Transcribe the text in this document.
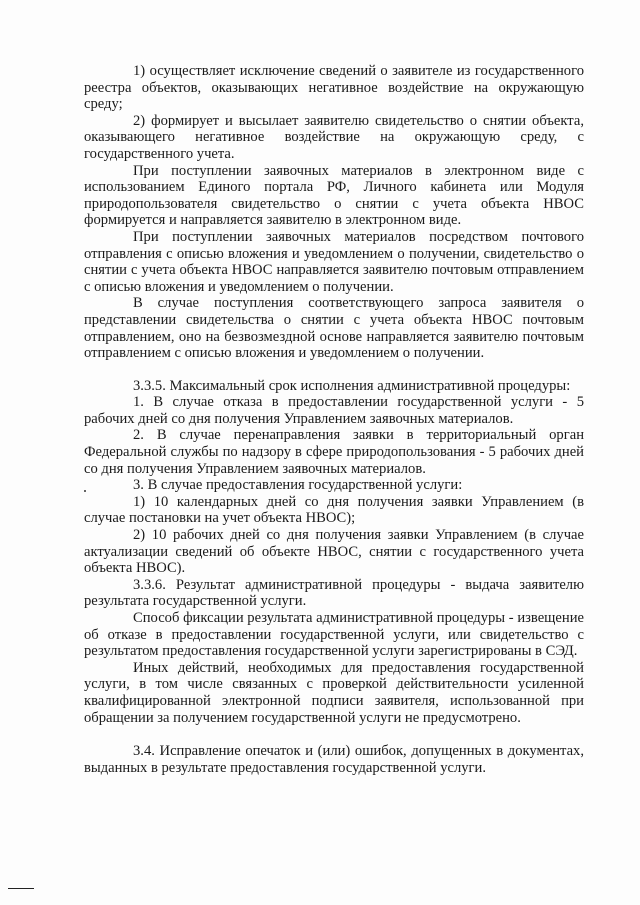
1) осуществляет исключение сведений о заявителе из государственного реестра объектов, оказывающих негативное воздействие на окружающую среду;

2) формирует и высылает заявителю свидетельство о снятии объекта, оказывающего негативное воздействие на окружающую среду, с государственного учета.

При поступлении заявочных материалов в электронном виде с использованием Единого портала РФ, Личного кабинета или Модуля природопользователя свидетельство о снятии с учета объекта НВОС формируется и направляется заявителю в электронном виде.

При поступлении заявочных материалов посредством почтового отправления с описью вложения и уведомлением о получении, свидетельство о снятии с учета объекта НВОС направляется заявителю почтовым отправлением с описью вложения и уведомлением о получении.

В случае поступления соответствующего запроса заявителя о представлении свидетельства о снятии с учета объекта НВОС почтовым отправлением, оно на безвозмездной основе направляется заявителю почтовым отправлением с описью вложения и уведомлением о получении.

3.3.5. Максимальный срок исполнения административной процедуры:

1. В случае отказа в предоставлении государственной услуги - 5 рабочих дней со дня получения Управлением заявочных материалов.

2. В случае перенаправления заявки в территориальный орган Федеральной службы по надзору в сфере природопользования - 5 рабочих дней со дня получения Управлением заявочных материалов.

3. В случае предоставления государственной услуги:

1) 10 календарных дней со дня получения заявки Управлением (в случае постановки на учет объекта НВОС);

2) 10 рабочих дней со дня получения заявки Управлением (в случае актуализации сведений об объекте НВОС, снятии с государственного учета объекта НВОС).

3.3.6. Результат административной процедуры - выдача заявителю результата государственной услуги.

Способ фиксации результата административной процедуры - извещение об отказе в предоставлении государственной услуги, или свидетельство с результатом предоставления государственной услуги зарегистрированы в СЭД.

Иных действий, необходимых для предоставления государственной услуги, в том числе связанных с проверкой действительности усиленной квалифицированной электронной подписи заявителя, использованной при обращении за получением государственной услуги не предусмотрено.

3.4. Исправление опечаток и (или) ошибок, допущенных в документах, выданных в результате предоставления государственной услуги.
